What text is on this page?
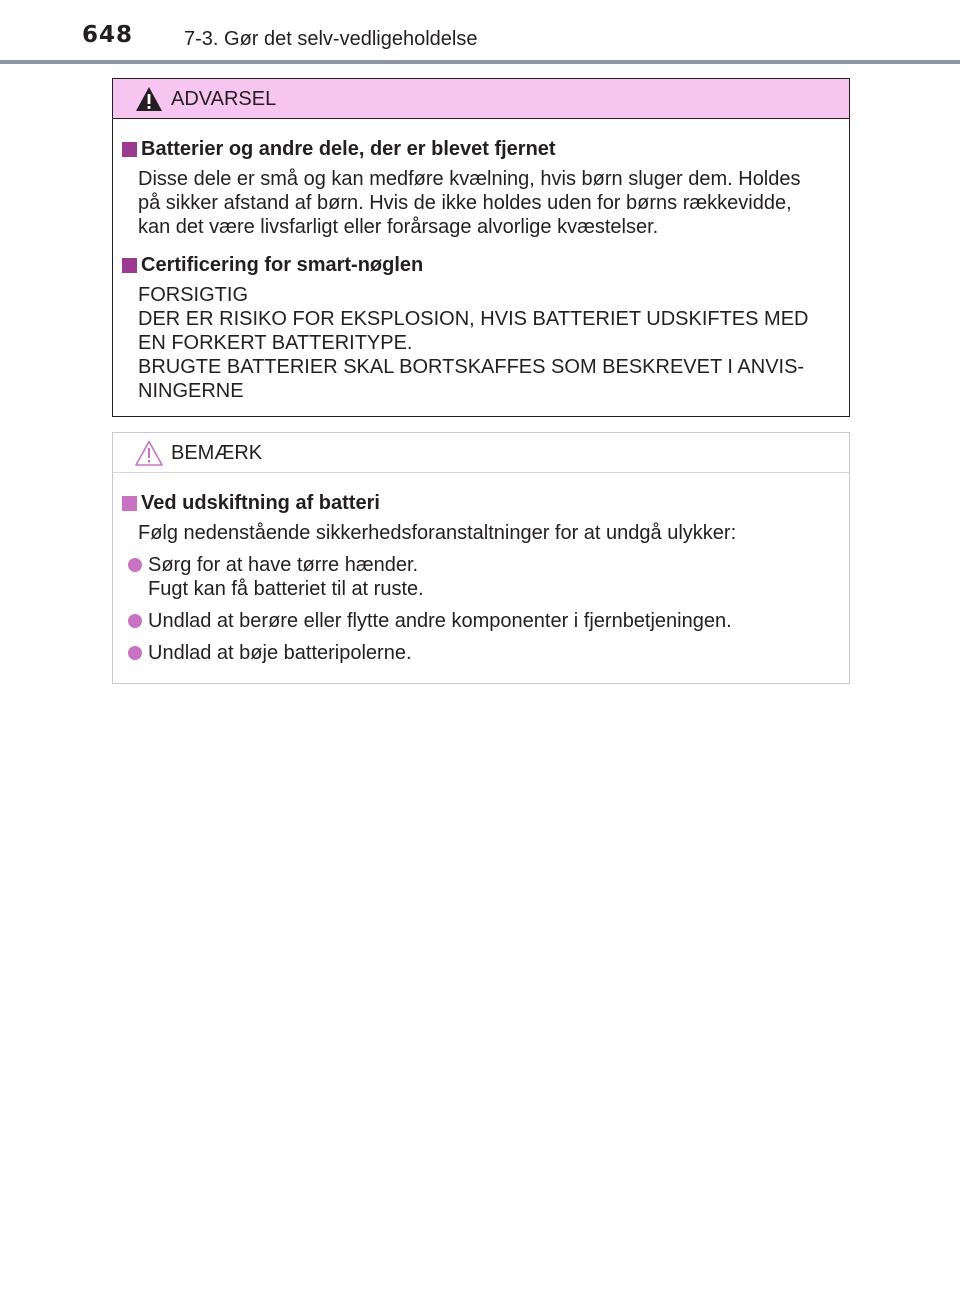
648	7-3. Gør det selv-vedligeholdelse
ADVARSEL
Batterier og andre dele, der er blevet fjernet
Disse dele er små og kan medføre kvælning, hvis børn sluger dem. Holdes
på sikker afstand af børn. Hvis de ikke holdes uden for børns rækkevidde,
kan det være livsfarligt eller forårsage alvorlige kvæstelser.
Certificering for smart-nøglen
FORSIGTIG
DER ER RISIKO FOR EKSPLOSION, HVIS BATTERIET UDSKIFTES MED
EN FORKERT BATTERITYPE.
BRUGTE BATTERIER SKAL BORTSKAFFES SOM BESKREVET I ANVIS-
NINGERNE
BEMÆRK
Ved udskiftning af batteri
Følg nedenstående sikkerhedsforanstaltninger for at undgå ulykker:
Sørg for at have tørre hænder.
Fugt kan få batteriet til at ruste.
Undlad at berøre eller flytte andre komponenter i fjernbetjeningen.
Undlad at bøje batteripolerne.
